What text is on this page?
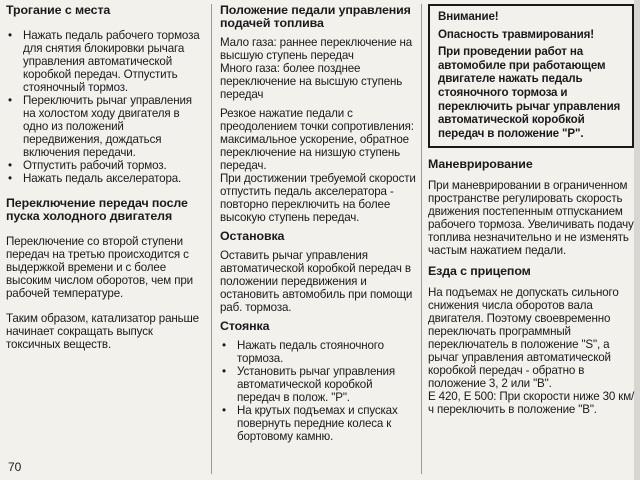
Трогание с места
• Нажать педаль рабочего тормоза для снятия блокировки рычага управления автоматической коробкой передач. Отпустить стояночный тормоз.
• Переключить рычаг управления на холостом ходу двигателя в одно из положений передвижения, дождаться включения передачи.
• Отпустить рабочий тормоз.
• Нажать педаль акселератора.
Переключение передач после пуска холодного двигателя

Переключение со второй ступени передач на третью происходится с выдержкой времени и с более высоким числом оборотов, чем при рабочей температуре.

Таким образом, катализатор раньше начинает сокращать выпуск токсичных веществ.

70
Положение педали управления подачей топлива

Мало газа: раннее переключение на высшую ступень передач

Много газа: более позднее переключение на высшую ступень передач

Резкое нажатие педали с преодолением точки сопротивления: максимальное ускорение, обратное переключение на низшую ступень передач.

При достижении требуемой скорости отпустить педаль акселератора - повторно переключить на более высокую ступень передач.

Остановка

Оставить рычаг управления автоматической коробкой передач в положении передвижения и остановить автомобиль при помощи раб. тормоза.

Стоянка
• Нажать педаль стояночного тормоза.
• Установить рычаг управления автоматической коробкой передач в полож. "Р".
• На крутых подъемах и спусках повернуть передние колеса к бортовому камню.

Внимание!

Опасность травмирования!

При проведении работ на автомобиле при работающем двигателе нажать педаль стояночного тормоза и переключить рычаг управления автоматической коробкой передач в положение "Р".

Маневрирование

При маневрировании в ограниченном пространстве регулировать скорость движения постепенным отпусканием рабочего тормоза. Увеличивать подачу топлива незначительно и не изменять частым нажатием педали.

Езда с прицепом

На подъемах не допускать сильного снижения числа оборотов вала двигателя. Поэтому своевременно переключать программный переключатель в положение "S", а рычаг управления автоматической коробкой передач - обратно в положение 3, 2 или "В".

Е 420, Е 500: При скорости ниже 30 км/ч переключить в положение "В".
